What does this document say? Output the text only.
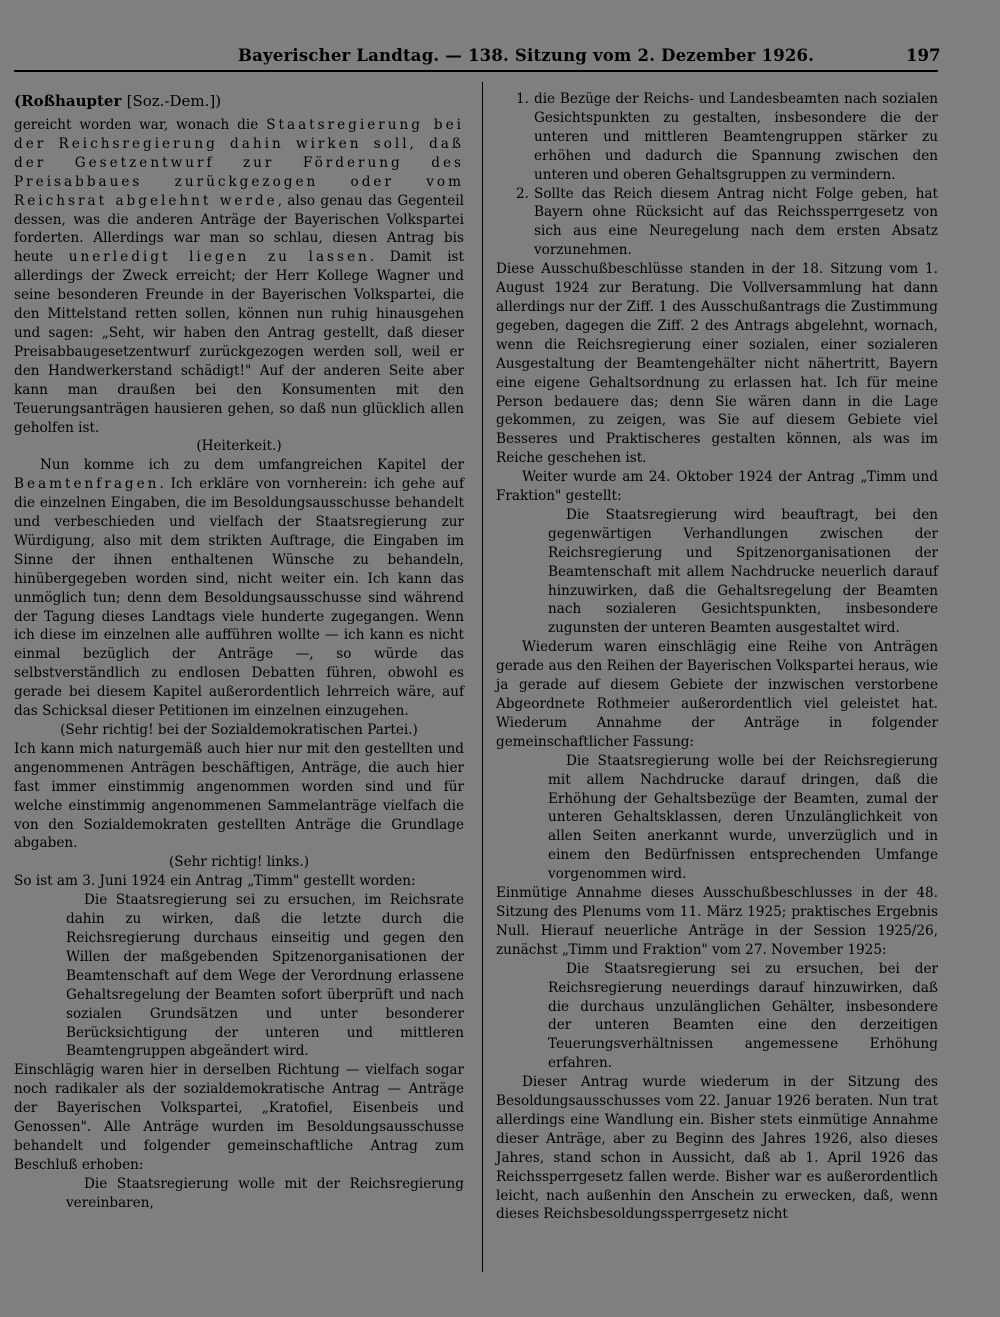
Bayerischer Landtag. — 138. Sitzung vom 2. Dezember 1926.	197

(Roßhaupter [Soz.-Dem.])

gereicht worden war, wonach die Staatsregierung bei der Reichsregierung dahin wirken soll, daß der Gesetzentwurf zur Förderung des Preisabbaues zurückgezogen oder vom Reichsrat abgelehnt werde, also genau das Gegenteil dessen, was die anderen Anträge der Bayerischen Volkspartei forderten. Allerdings war man so schlau, diesen Antrag bis heute unerledigt liegen zu lassen. Damit ist allerdings der Zweck erreicht; der Herr Kollege Wagner und seine besonderen Freunde in der Bayerischen Volkspartei, die den Mittelstand retten sollen, können nun ruhig hinausgehen und sagen: „Seht, wir haben den Antrag gestellt, daß dieser Preisabbaugesetzentwurf zurückgezogen werden soll, weil er den Handwerkerstand schädigt!" Auf der anderen Seite aber kann man draußen bei den Konsumenten mit den Teuerungsanträgen hausieren gehen, so daß nun glücklich allen geholfen ist.

(Heiterkeit.)

Nun komme ich zu dem umfangreichen Kapitel der Beamtenfragen. Ich erkläre von vornherein: ich gehe auf die einzelnen Eingaben, die im Besoldungsausschusse behandelt und verbeschieden und vielfach der Staatsregierung zur Würdigung, also mit dem strikten Auftrage, die Eingaben im Sinne der ihnen enthaltenen Wünsche zu behandeln, hinübergegeben worden sind, nicht weiter ein. Ich kann das unmöglich tun; denn dem Besoldungsausschusse sind während der Tagung dieses Landtags viele hunderte zugegangen. Wenn ich diese im einzelnen alle aufführen wollte — ich kann es nicht einmal bezüglich der Anträge —, so würde das selbstverständlich zu endlosen Debatten führen, obwohl es gerade bei diesem Kapitel außerordentlich lehrreich wäre, auf das Schicksal dieser Petitionen im einzelnen einzugehen.

(Sehr richtig! bei der Sozialdemokratischen Partei.)

Ich kann mich naturgemäß auch hier nur mit den gestellten und angenommenen Anträgen beschäftigen, Anträge, die auch hier fast immer einstimmig angenommen worden sind und für welche einstimmig angenommenen Sammelanträge vielfach die von den Sozialdemokraten gestellten Anträge die Grundlage abgaben.

(Sehr richtig! links.)

So ist am 3. Juni 1924 ein Antrag „Timm" gestellt worden:

Die Staatsregierung sei zu ersuchen, im Reichsrate dahin zu wirken, daß die letzte durch die Reichsregierung durchaus einseitig und gegen den Willen der maßgebenden Spitzenorganisationen der Beamtenschaft auf dem Wege der Verordnung erlassene Gehaltsregelung der Beamten sofort überprüft und nach sozialen Grundsätzen und unter besonderer Berücksichtigung der unteren und mittleren Beamtengruppen abgeändert wird.

Einschlägig waren hier in derselben Richtung — vielfach sogar noch radikaler als der sozialdemokratische Antrag — Anträge der Bayerischen Volkspartei, „Kratofiel, Eisenbeis und Genossen". Alle Anträge wurden im Besoldungsausschusse behandelt und folgender gemeinschaftliche Antrag zum Beschluß erhoben:

Die Staatsregierung wolle mit der Reichsregierung vereinbaren,

1. die Bezüge der Reichs- und Landesbeamten nach sozialen Gesichtspunkten zu gestalten, insbesondere die der unteren und mittleren Beamtengruppen stärker zu erhöhen und dadurch die Spannung zwischen den unteren und oberen Gehaltsgruppen zu vermindern.
2. Sollte das Reich diesem Antrag nicht Folge geben, hat Bayern ohne Rücksicht auf das Reichssperrgesetz von sich aus eine Neuregelung nach dem ersten Absatz vorzunehmen.

Diese Ausschußbeschlüsse standen in der 18. Sitzung vom 1. August 1924 zur Beratung. Die Vollversammlung hat dann allerdings nur der Ziff. 1 des Ausschußantrags die Zustimmung gegeben, dagegen die Ziff. 2 des Antrags abgelehnt, wornach, wenn die Reichsregierung einer sozialen, einer sozialeren Ausgestaltung der Beamtengehälter nicht nähertritt, Bayern eine eigene Gehaltsordnung zu erlassen hat. Ich für meine Person bedauere das; denn Sie wären dann in die Lage gekommen, zu zeigen, was Sie auf diesem Gebiete viel Besseres und Praktischeres gestalten können, als was im Reiche geschehen ist.

Weiter wurde am 24. Oktober 1924 der Antrag „Timm und Fraktion" gestellt:

Die Staatsregierung wird beauftragt, bei den gegenwärtigen Verhandlungen zwischen der Reichsregierung und Spitzenorganisationen der Beamtenschaft mit allem Nachdrucke neuerlich darauf hinzuwirken, daß die Gehaltsregelung der Beamten nach sozialeren Gesichtspunkten, insbesondere zugunsten der unteren Beamten ausgestaltet wird.

Wiederum waren einschlägig eine Reihe von Anträgen gerade aus den Reihen der Bayerischen Volkspartei heraus, wie ja gerade auf diesem Gebiete der inzwischen verstorbene Abgeordnete Rothmeier außerordentlich viel geleistet hat. Wiederum Annahme der Anträge in folgender gemeinschaftlicher Fassung:

Die Staatsregierung wolle bei der Reichsregierung mit allem Nachdrucke darauf dringen, daß die Erhöhung der Gehaltsbezüge der Beamten, zumal der unteren Gehaltsklassen, deren Unzulänglichkeit von allen Seiten anerkannt wurde, unverzüglich und in einem den Bedürfnissen entsprechenden Umfange vorgenommen wird.

Einmütige Annahme dieses Ausschußbeschlusses in der 48. Sitzung des Plenums vom 11. März 1925; praktisches Ergebnis Null. Hierauf neuerliche Anträge in der Session 1925/26, zunächst „Timm und Fraktion" vom 27. November 1925:

Die Staatsregierung sei zu ersuchen, bei der Reichsregierung neuerdings darauf hinzuwirken, daß die durchaus unzulänglichen Gehälter, insbesondere der unteren Beamten eine den derzeitigen Teuerungsverhältnissen angemessene Erhöhung erfahren.

Dieser Antrag wurde wiederum in der Sitzung des Besoldungsausschusses vom 22. Januar 1926 beraten. Nun trat allerdings eine Wandlung ein. Bisher stets einmütige Annahme dieser Anträge, aber zu Beginn des Jahres 1926, also dieses Jahres, stand schon in Aussicht, daß ab 1. April 1926 das Reichssperrgesetz fallen werde. Bisher war es außerordentlich leicht, nach außenhin den Anschein zu erwecken, daß, wenn dieses Reichsbesoldungssperrgesetz nicht
